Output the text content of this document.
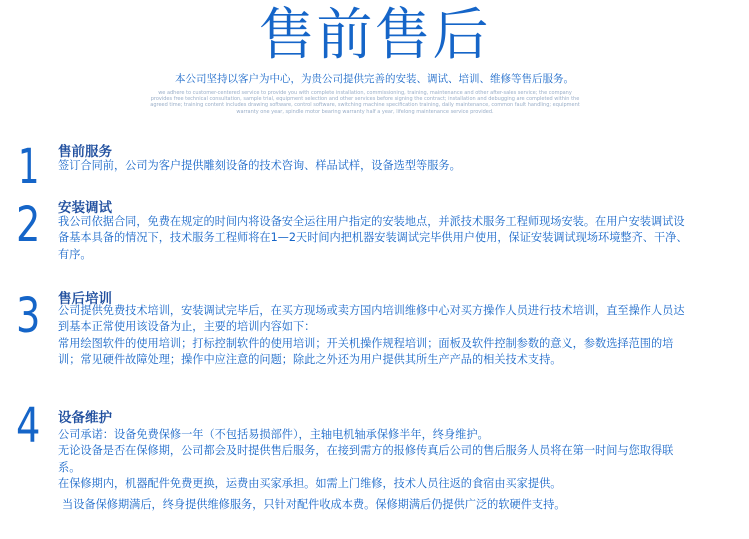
售前售后
本公司坚持以客户为中心，为贵公司提供完善的安装、调试、培训、维修等售后服务。
we adhere to customer-centered service to provide you with complete installation, commissioning, training, maintenance and other after-sales service; the company provides free technical consultation, sample trial, equipment selection and other services before signing the contract; installation and debugging are completed within the agreed time; training content includes drawing software, control software, switching machine specification training, daily maintenance, common fault handling; equipment warranty one year, spindle motor bearing warranty half a year, lifelong maintenance service provided.
1 售前服务

签订合同前，公司为客户提供雕刻设备的技术咨询、样品试样，设备选型等服务。

2 安装调试

我公司依据合同，免费在规定的时间内将设备安全运往用户指定的安装地点，并派技术服务工程师现场安装。在用户安装调试设备基本具备的情况下，技术服务工程师将在1—2天时间内把机器安装调试完毕供用户使用，保证安装调试现场环境整齐、干净、有序。

3 售后培训

公司提供免费技术培训，安装调试完毕后，在买方现场或卖方国内培训维修中心对买方操作人员进行技术培训，直至操作人员达到基本正常使用该设备为止，主要的培训内容如下：

常用绘图软件的使用培训；打标控制软件的使用培训；开关机操作规程培训；面板及软件控制参数的意义，参数选择范围的培训；常见硬件故障处理；操作中应注意的问题；除此之外还为用户提供其所生产产品的相关技术支持。

4 设备维护

公司承诺：设备免费保修一年（不包括易损部件），主轴电机轴承保修半年，终身维护。

无论设备是否在保修期，公司都会及时提供售后服务，在接到需方的报修传真后公司的售后服务人员将在第一时间与您取得联系。

在保修期内，机器配件免费更换，运费由买家承担。如需上门维修，技术人员往返的食宿由买家提供。

当设备保修期满后，终身提供维修服务，只针对配件收成本费。保修期满后仍提供广泛的软硬件支持。
